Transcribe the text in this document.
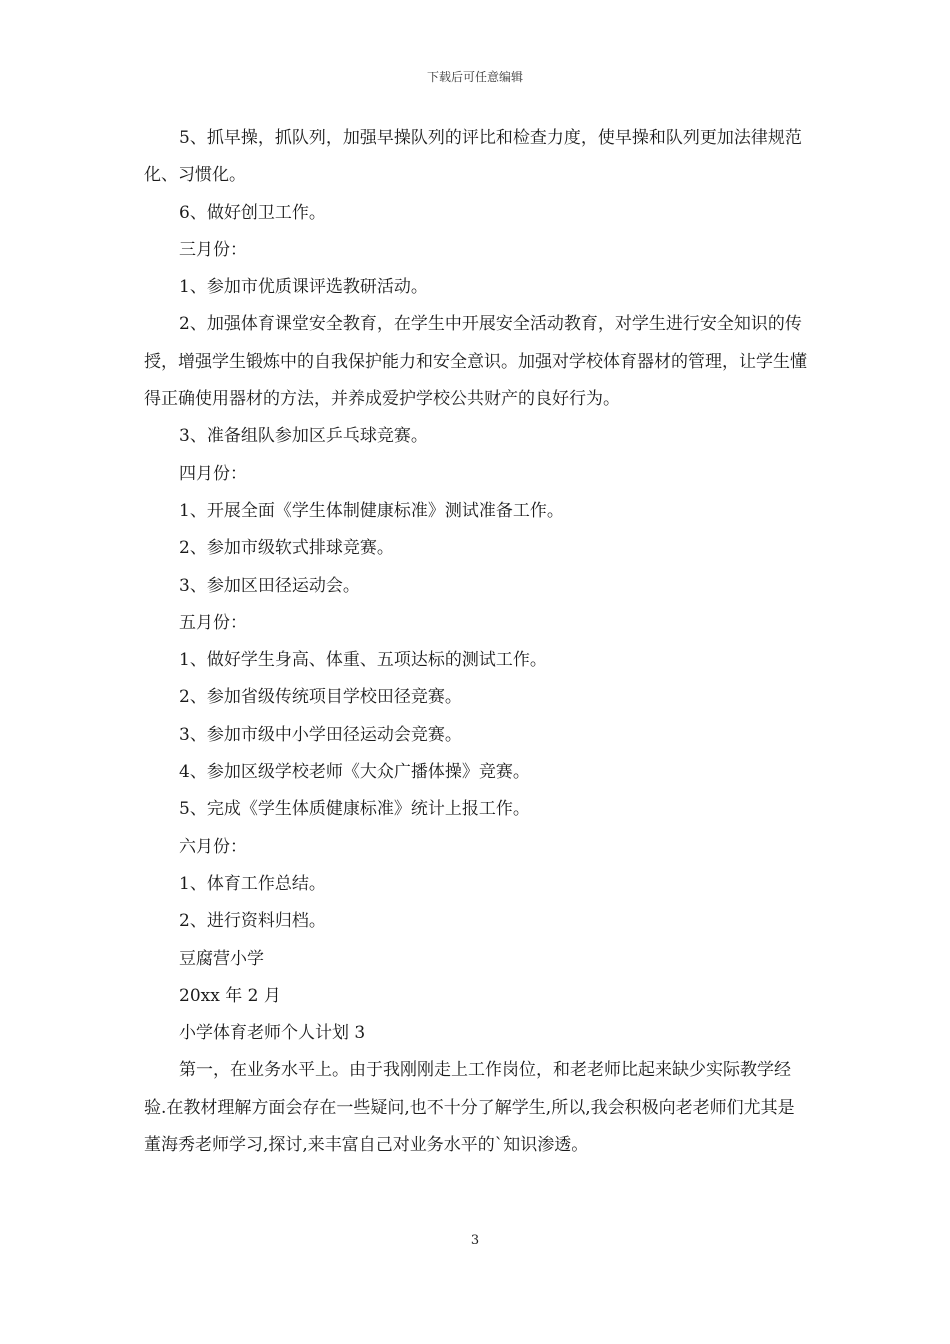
下载后可任意编辑

5、抓早操，抓队列，加强早操队列的评比和检查力度，使早操和队列更加法律规范化、习惯化。

6、做好创卫工作。

三月份：

1、参加市优质课评选教研活动。

2、加强体育课堂安全教育，在学生中开展安全活动教育，对学生进行安全知识的传授，增强学生锻炼中的自我保护能力和安全意识。加强对学校体育器材的管理，让学生懂得正确使用器材的方法，并养成爱护学校公共财产的良好行为。

3、准备组队参加区乒乓球竞赛。

四月份：

1、开展全面《学生体制健康标准》测试准备工作。

2、参加市级软式排球竞赛。

3、参加区田径运动会。

五月份：

1、做好学生身高、体重、五项达标的测试工作。

2、参加省级传统项目学校田径竞赛。

3、参加市级中小学田径运动会竞赛。

4、参加区级学校老师《大众广播体操》竞赛。

5、完成《学生体质健康标准》统计上报工作。

六月份：

1、体育工作总结。

2、进行资料归档。

豆腐营小学

20xx 年 2 月

小学体育老师个人计划 3

第一，在业务水平上。由于我刚刚走上工作岗位，和老老师比起来缺少实际教学经验.在教材理解方面会存在一些疑问,也不十分了解学生,所以,我会积极向老老师们尤其是董海秀老师学习,探讨,来丰富自己对业务水平的`知识渗透。

3
